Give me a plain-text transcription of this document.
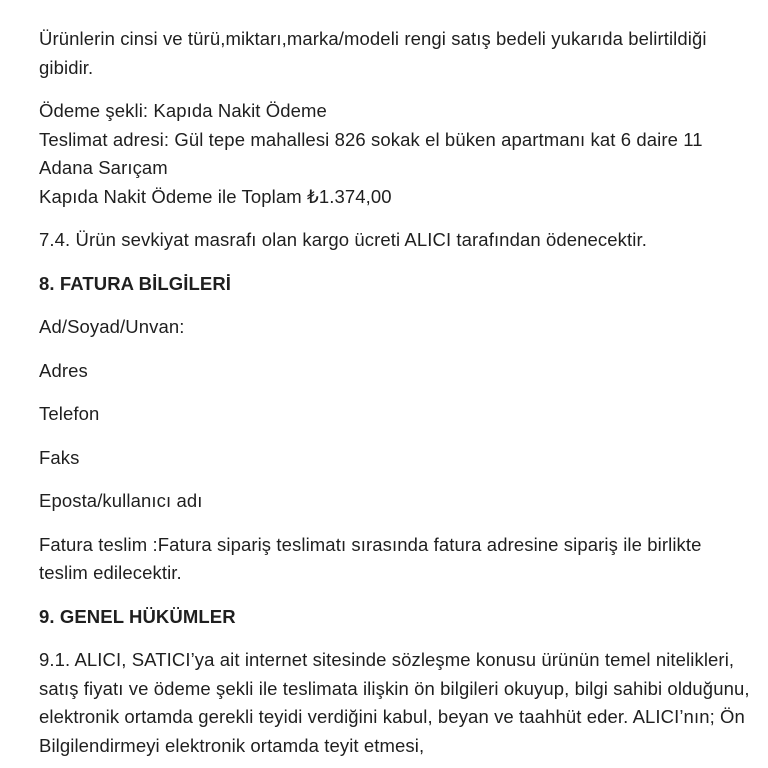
Ürünlerin cinsi ve türü,miktarı,marka/modeli rengi satış bedeli yukarıda belirtildiği gibidir.

Ödeme şekli: Kapıda Nakit Ödeme
Teslimat adresi: Gül tepe mahallesi 826 sokak el büken apartmanı kat 6 daire 11 Adana Sarıçam
Kapıda Nakit Ödeme ile Toplam ₺1.374,00

7.4. Ürün sevkiyat masrafı olan kargo ücreti ALICI tarafından ödenecektir.

8. FATURA BİLGİLERİ

Ad/Soyad/Unvan:

Adres

Telefon

Faks

Eposta/kullanıcı adı

Fatura teslim :Fatura sipariş teslimatı sırasında fatura adresine sipariş ile birlikte teslim edilecektir.

9. GENEL HÜKÜMLER

9.1. ALICI, SATICI’ya ait internet sitesinde sözleşme konusu ürünün temel nitelikleri, satış fiyatı ve ödeme şekli ile teslimata ilişkin ön bilgileri okuyup, bilgi sahibi olduğunu, elektronik ortamda gerekli teyidi verdiğini kabul, beyan ve taahhüt eder. ALICI’nın; Ön Bilgilendirmeyi elektronik ortamda teyit etmesi,
